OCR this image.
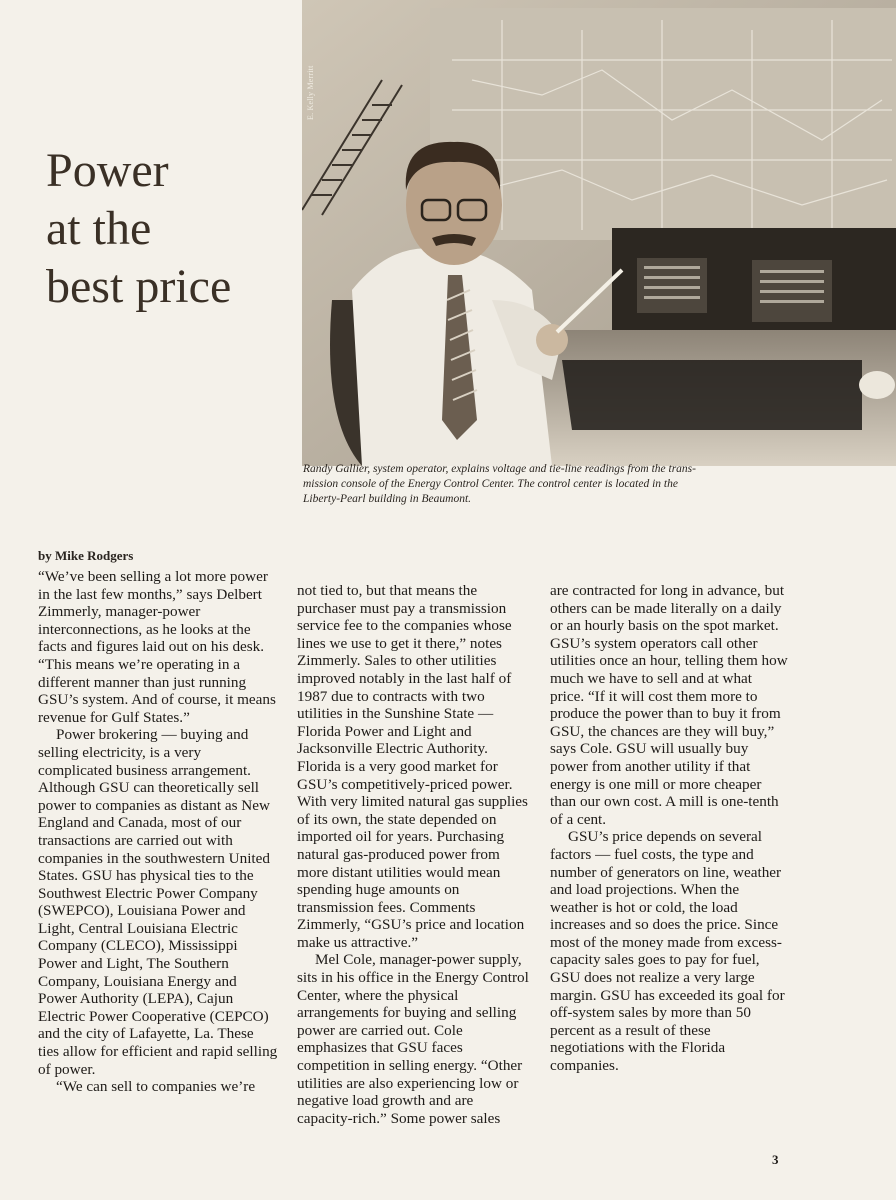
Power
at the
best price
E. Kelly Merritt

Randy Gallier, system operator, explains voltage and tie-line readings from the trans-

mission console of the Energy Control Center. The control center is located in the

Liberty-Pearl building in Beaumont.

by Mike Rodgers

“We’ve been selling a lot more power in the last few months,” says Delbert Zimmerly, manager-power interconnections, as he looks at the facts and figures laid out on his desk. “This means we’re operating in a different manner than just running GSU’s system. And of course, it means revenue for Gulf States.”

Power brokering — buying and selling electricity, is a very complicated business arrangement. Although GSU can theoretically sell power to companies as distant as New England and Canada, most of our transactions are carried out with companies in the southwestern United States. GSU has physical ties to the Southwest Electric Power Company (SWEPCO), Louisiana Power and Light, Central Louisiana Electric Company (CLECO), Mississippi Power and Light, The Southern Company, Louisiana Energy and Power Authority (LEPA), Cajun Electric Power Cooperative (CEPCO) and the city of Lafayette, La. These ties allow for efficient and rapid selling of power.

“We can sell to companies we’re

not tied to, but that means the purchaser must pay a transmission service fee to the companies whose lines we use to get it there,” notes Zimmerly. Sales to other utilities improved notably in the last half of 1987 due to contracts with two utilities in the Sunshine State — Florida Power and Light and Jacksonville Electric Authority. Florida is a very good market for GSU’s competitively-priced power. With very limited natural gas supplies of its own, the state depended on imported oil for years. Purchasing natural gas-produced power from more distant utilities would mean spending huge amounts on transmission fees. Comments Zimmerly, “GSU’s price and location make us attractive.”

Mel Cole, manager-power supply, sits in his office in the Energy Control Center, where the physical arrangements for buying and selling power are carried out. Cole emphasizes that GSU faces competition in selling energy. “Other utilities are also experiencing low or negative load growth and are capacity-rich.” Some power sales

are contracted for long in advance, but others can be made literally on a daily or an hourly basis on the spot market. GSU’s system operators call other utilities once an hour, telling them how much we have to sell and at what price. “If it will cost them more to produce the power than to buy it from GSU, the chances are they will buy,” says Cole. GSU will usually buy power from another utility if that energy is one mill or more cheaper than our own cost. A mill is one-tenth of a cent.

GSU’s price depends on several factors — fuel costs, the type and number of generators on line, weather and load projections. When the weather is hot or cold, the load increases and so does the price. Since most of the money made from excess-capacity sales goes to pay for fuel, GSU does not realize a very large margin. GSU has exceeded its goal for off-system sales by more than 50 percent as a result of these negotiations with the Florida companies.

3
